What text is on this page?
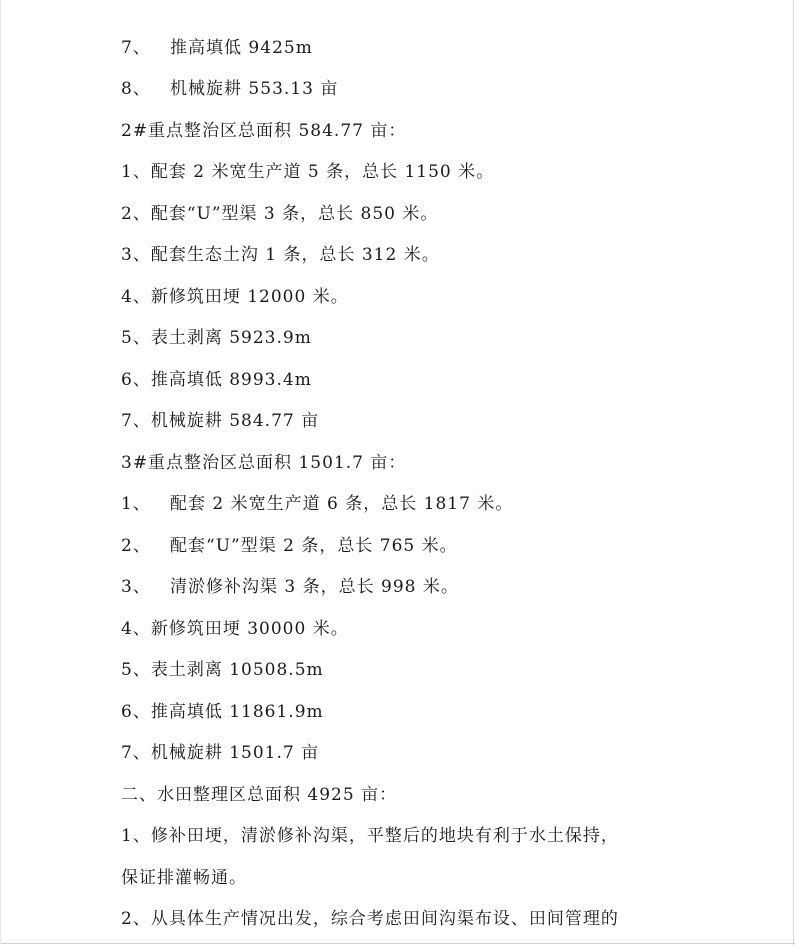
7、   推高填低 9425m
8、   机械旋耕 553.13 亩
2#重点整治区总面积 584.77 亩：
1、配套 2 米宽生产道 5 条，总长 1150 米。
2、配套“U”型渠 3 条，总长 850 米。
3、配套生态土沟 1 条，总长 312 米。
4、新修筑田埂 12000 米。
5、表土剥离 5923.9m
6、推高填低 8993.4m
7、机械旋耕 584.77 亩
3#重点整治区总面积 1501.7 亩：
1、   配套 2 米宽生产道 6 条，总长 1817 米。
2、   配套“U”型渠 2 条，总长 765 米。
3、   清淤修补沟渠 3 条，总长 998 米。
4、新修筑田埂 30000 米。
5、表土剥离 10508.5m
6、推高填低 11861.9m
7、机械旋耕 1501.7 亩
二、水田整理区总面积 4925 亩：
1、修补田埂，清淤修补沟渠，平整后的地块有利于水土保持，
保证排灌畅通。
2、从具体生产情况出发，综合考虑田间沟渠布设、田间管理的
